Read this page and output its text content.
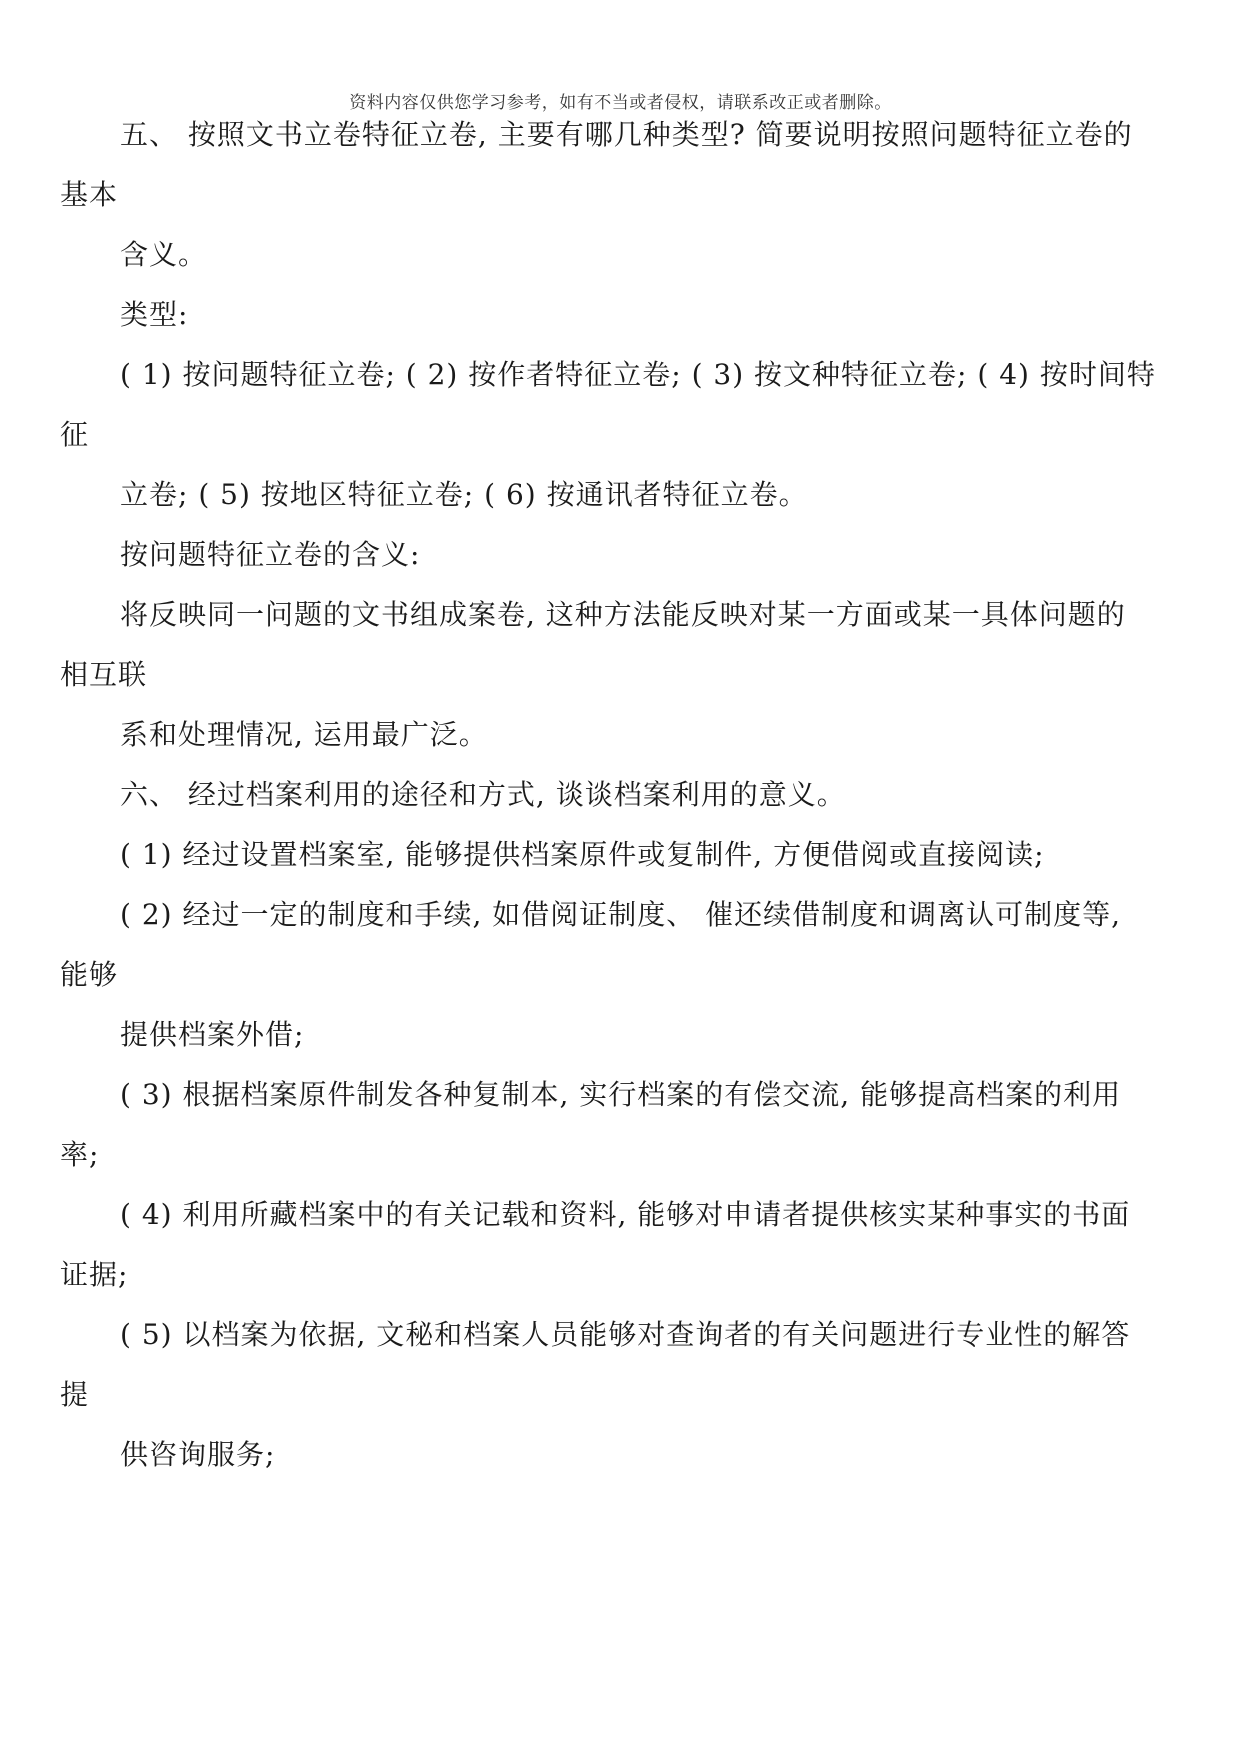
资料内容仅供您学习参考，如有不当或者侵权，请联系改正或者删除。
五、 按照文书立卷特征立卷, 主要有哪几种类型? 简要说明按照问题特征立卷的
基本
含义。
类型:
( 1) 按问题特征立卷; ( 2) 按作者特征立卷; ( 3) 按文种特征立卷; ( 4) 按时间特
征
立卷; ( 5) 按地区特征立卷; ( 6) 按通讯者特征立卷。
按问题特征立卷的含义:
将反映同一问题的文书组成案卷, 这种方法能反映对某一方面或某一具体问题的
相互联
系和处理情况, 运用最广泛。
六、 经过档案利用的途径和方式, 谈谈档案利用的意义。
( 1) 经过设置档案室, 能够提供档案原件或复制件, 方便借阅或直接阅读;
( 2) 经过一定的制度和手续, 如借阅证制度、 催还续借制度和调离认可制度等,
能够
提供档案外借;
( 3) 根据档案原件制发各种复制本, 实行档案的有偿交流, 能够提高档案的利用
率;
( 4) 利用所藏档案中的有关记载和资料, 能够对申请者提供核实某种事实的书面
证据;
( 5) 以档案为依据, 文秘和档案人员能够对查询者的有关问题进行专业性的解答
提
供咨询服务;
